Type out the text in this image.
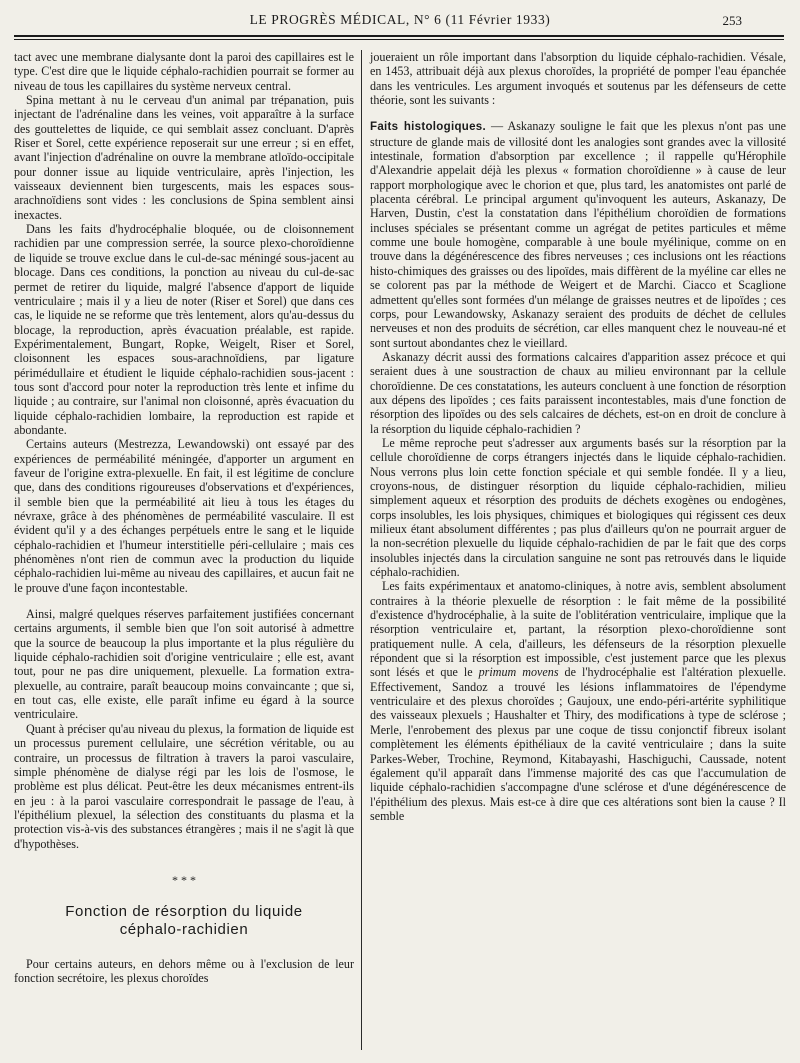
LE PROGRÈS MÉDICAL, N° 6 (11 Février 1933)	253

tact avec une membrane dialysante dont la paroi des capillaires est le type. C'est dire que le liquide céphalo-rachidien pourrait se former au niveau de tous les capillaires du système nerveux central.

Spina mettant à nu le cerveau d'un animal par trépanation, puis injectant de l'adrénaline dans les veines, voit apparaître à la surface des gouttelettes de liquide, ce qui semblait assez concluant. D'après Riser et Sorel, cette expérience reposerait sur une erreur ; si en effet, avant l'injection d'adrénaline on ouvre la membrane atloïdo-occipitale pour donner issue au liquide ventriculaire, après l'injection, les vaisseaux deviennent bien turgescents, mais les espaces sous-arachnoïdiens sont vides : les conclusions de Spina semblent ainsi inexactes.

Dans les faits d'hydrocéphalie bloquée, ou de cloisonnement rachidien par une compression serrée, la source plexo-choroïdienne de liquide se trouve exclue dans le cul-de-sac méningé sous-jacent au blocage. Dans ces conditions, la ponction au niveau du cul-de-sac permet de retirer du liquide, malgré l'absence d'apport de liquide ventriculaire ; mais il y a lieu de noter (Riser et Sorel) que dans ces cas, le liquide ne se reforme que très lentement, alors qu'au-dessus du blocage, la reproduction, après évacuation préalable, est rapide. Expérimentalement, Bungart, Ropke, Weigelt, Riser et Sorel, cloisonnent les espaces sous-arachnoïdiens, par ligature périmédullaire et étudient le liquide céphalo-rachidien sous-jacent : tous sont d'accord pour noter la reproduction très lente et infime du liquide ; au contraire, sur l'animal non cloisonné, après évacuation du liquide céphalo-rachidien lombaire, la reproduction est rapide et abondante.

Certains auteurs (Mestrezza, Lewandowski) ont essayé par des expériences de perméabilité méningée, d'apporter un argument en faveur de l'origine extra-plexuelle. En fait, il est légitime de conclure que, dans des conditions rigoureuses d'observations et d'expériences, il semble bien que la perméabilité ait lieu à tous les étages du névraxe, grâce à des phénomènes de perméabilité vasculaire. Il est évident qu'il y a des échanges perpétuels entre le sang et le liquide céphalo-rachidien et l'humeur interstitielle péri-cellulaire ; mais ces phénomènes n'ont rien de commun avec la production du liquide céphalo-rachidien lui-même au niveau des capillaires, et aucun fait ne le prouve d'une façon incontestable.

Ainsi, malgré quelques réserves parfaitement justifiées concernant certains arguments, il semble bien que l'on soit autorisé à admettre que la source de beaucoup la plus importante et la plus régulière du liquide céphalo-rachidien soit d'origine ventriculaire ; elle est, avant tout, pour ne pas dire uniquement, plexuelle. La formation extra-plexuelle, au contraire, paraît beaucoup moins convaincante ; que si, en tout cas, elle existe, elle paraît infime eu égard à la source ventriculaire.

Quant à préciser qu'au niveau du plexus, la formation de liquide est un processus purement cellulaire, une sécrétion véritable, ou au contraire, un processus de filtration à travers la paroi vasculaire, simple phénomène de dialyse régi par les lois de l'osmose, le problème est plus délicat. Peut-être les deux mécanismes entrent-ils en jeu : à la paroi vasculaire correspondrait le passage de l'eau, à l'épithélium plexuel, la sélection des constituants du plasma et la protection vis-à-vis des substances étrangères ; mais il ne s'agit là que d'hypothèses.

* * *
Fonction de résorption du liquide
céphalo-rachidien

Pour certains auteurs, en dehors même ou à l'exclusion de leur fonction secrétoire, les plexus choroïdes

joueraient un rôle important dans l'absorption du liquide céphalo-rachidien. Vésale, en 1453, attribuait déjà aux plexus choroïdes, la propriété de pomper l'eau épanchée dans les ventricules. Les argument invoqués et soutenus par les défenseurs de cette théorie, sont les suivants :

Faits histologiques. — Askanazy souligne le fait que les plexus n'ont pas une structure de glande mais de villosité dont les analogies sont grandes avec la villosité intestinale, formation d'absorption par excellence ; il rappelle qu'Hérophile d'Alexandrie appelait déjà les plexus « formation choroïdienne » à cause de leur rapport morphologique avec le chorion et que, plus tard, les anatomistes ont parlé de placenta cérébral. Le principal argument qu'invoquent les auteurs, Askanazy, De Harven, Dustin, c'est la constatation dans l'épithélium choroïdien de formations incluses spéciales se présentant comme un agrégat de petites particules et même comme une boule homogène, comparable à une boule myélinique, comme on en trouve dans la dégénérescence des fibres nerveuses ; ces inclusions ont les réactions histo-chimiques des graisses ou des lipoïdes, mais diffèrent de la myéline car elles ne se colorent pas par la méthode de Weigert et de Marchi. Ciacco et Scaglione admettent qu'elles sont formées d'un mélange de graisses neutres et de lipoïdes ; ces corps, pour Lewandowsky, Askanazy seraient des produits de déchet de cellules nerveuses et non des produits de sécrétion, car elles manquent chez le nouveau-né et sont surtout abondantes chez le vieillard.

Askanazy décrit aussi des formations calcaires d'apparition assez précoce et qui seraient dues à une soustraction de chaux au milieu environnant par la cellule choroïdienne. De ces constatations, les auteurs concluent à une fonction de résorption aux dépens des lipoïdes ; ces faits paraissent incontestables, mais d'une fonction de résorption des lipoïdes ou des sels calcaires de déchets, est-on en droit de conclure à la résorption du liquide céphalo-rachidien ?

Le même reproche peut s'adresser aux arguments basés sur la résorption par la cellule choroïdienne de corps étrangers injectés dans le liquide céphalo-rachidien. Nous verrons plus loin cette fonction spéciale et qui semble fondée. Il y a lieu, croyons-nous, de distinguer résorption du liquide céphalo-rachidien, milieu simplement aqueux et résorption des produits de déchets exogènes ou endogènes, corps insolubles, les lois physiques, chimiques et biologiques qui régissent ces deux milieux étant absolument différentes ; pas plus d'ailleurs qu'on ne pourrait arguer de la non-secrétion plexuelle du liquide céphalo-rachidien de par le fait que des corps insolubles injectés dans la circulation sanguine ne sont pas retrouvés dans le liquide céphalo-rachidien.

Les faits expérimentaux et anatomo-cliniques, à notre avis, semblent absolument contraires à la théorie plexuelle de résorption : le fait même de la possibilité d'existence d'hydrocéphalie, à la suite de l'oblitération ventriculaire, implique que la résorption ventriculaire et, partant, la résorption plexo-choroïdienne sont pratiquement nulle. A cela, d'ailleurs, les défenseurs de la résorption plexuelle répondent que si la résorption est impossible, c'est justement parce que les plexus sont lésés et que le primum movens de l'hydrocéphalie est l'altération plexuelle. Effectivement, Sandoz a trouvé les lésions inflammatoires de l'épendyme ventriculaire et des plexus choroïdes ; Gaujoux, une endo-péri-artérite syphilitique des vaisseaux plexuels ; Haushalter et Thiry, des modifications à type de sclérose ; Merle, l'enrobement des plexus par une coque de tissu conjonctif fibreux isolant complètement les éléments épithéliaux de la cavité ventriculaire ; dans la suite Parkes-Weber, Trochine, Reymond, Kitabayashi, Haschiguchi, Caussade, notent également qu'il apparaît dans l'immense majorité des cas que l'accumulation de liquide céphalo-rachidien s'accompagne d'une sclérose et d'une dégénérescence de l'épithélium des plexus. Mais est-ce à dire que ces altérations sont bien la cause ? Il semble
